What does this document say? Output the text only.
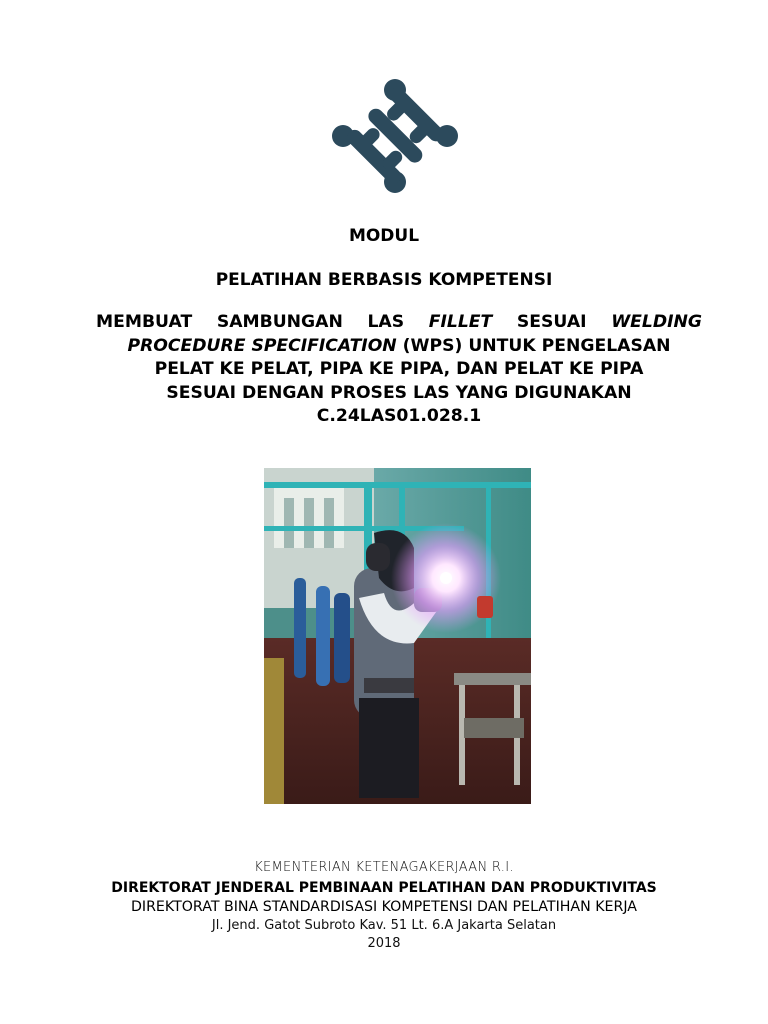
MODUL
PELATIHAN BERBASIS KOMPETENSI
MEMBUAT SAMBUNGAN LAS FILLET SESUAI WELDING
PROCEDURE SPECIFICATION (WPS) UNTUK PENGELASAN
PELAT KE PELAT, PIPA KE PIPA, DAN PELAT KE PIPA
SESUAI DENGAN PROSES LAS YANG DIGUNAKAN
C.24LAS01.028.1
KEMENTERIAN KETENAGAKERJAAN R.I.
DIREKTORAT JENDERAL PEMBINAAN PELATIHAN DAN PRODUKTIVITAS
DIREKTORAT BINA STANDARDISASI KOMPETENSI DAN PELATIHAN KERJA
Jl. Jend. Gatot Subroto Kav. 51 Lt. 6.A Jakarta Selatan
2018
